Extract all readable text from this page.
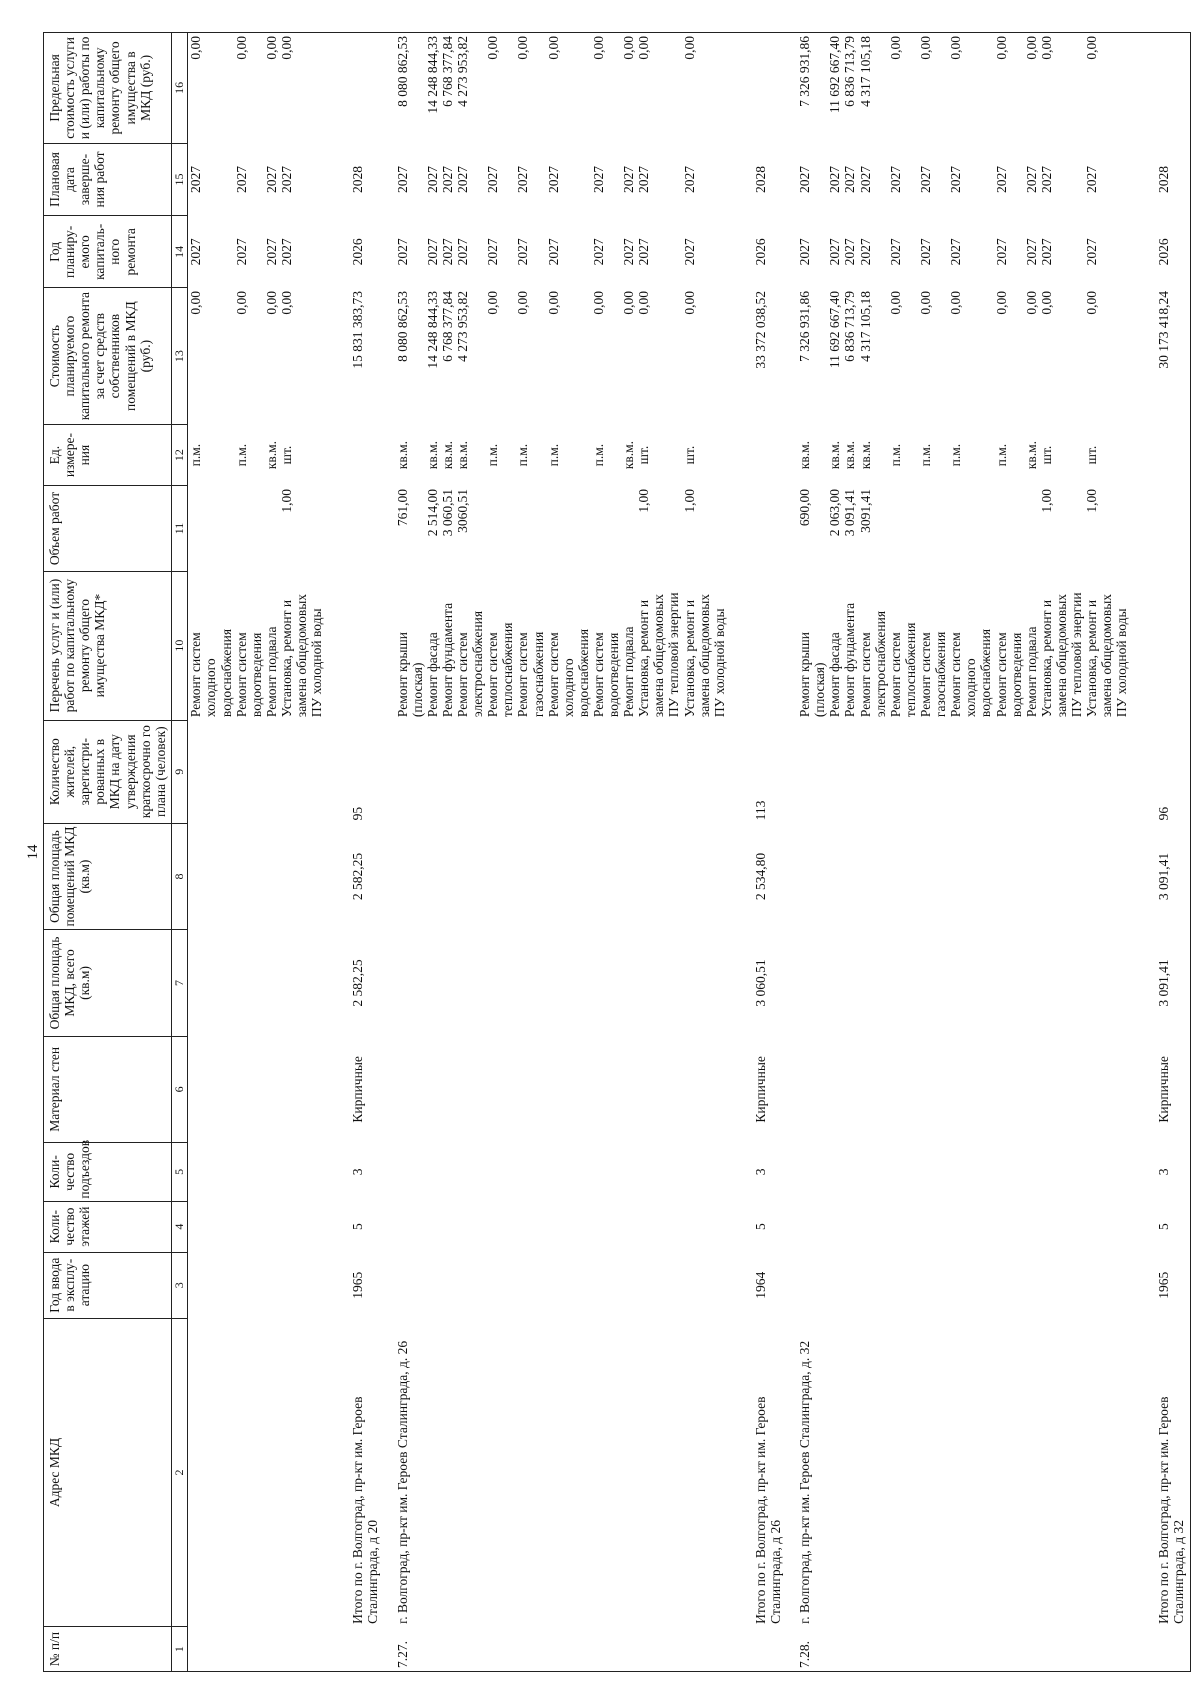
14
№ п/п	Адрес МКД	Год ввода в эксплу-атацию	Коли-чество этажей	Коли-чество подъездов	Материал стен	Общая площадь МКД, всего (кв.м)	Общая площадь помещений МКД (кв.м)	Количество жителей, зарегистри-рованных в МКД на дату утверждения краткосрочно го плана (человек)	Перечень услуг и (или) работ по капитальному ремонту общего имущества МКД*	Объем работ	Ед. измере-ния	Стоимость планируемого капитального ремонта за счет средств собственников помещений в МКД (руб.)	Год планиру-емого капиталь-ного ремонта	Плановая дата заверше-ния работ	Предельная стоимость услуги и (или) работы по капитальному ремонту общего имущества в МКД (руб.)
1	2	3	4	5	6	7	8	9	10	11	12	13	14	15	16
									Ремонт систем холодного водоснабжения		п.м.	0,00	2027	2027	0,00
									Ремонт систем водоотведения		п.м.	0,00	2027	2027	0,00
									Ремонт подвала		кв.м.	0,00	2027	2027	0,00
									Установка, ремонт и замена общедомовых ПУ холодной воды	1,00	шт.	0,00	2027	2027	0,00
	Итого по г. Волгоград, пр-кт им. Героев Сталинграда, д 20	1965	5	3	Кирпичные	2 582,25	2 582,25	95				15 831 383,73	2026	2028	
7.27.	г. Волгоград, пр-кт им. Героев Сталинграда, д. 26								Ремонт крыши (плоская)	761,00	кв.м.	8 080 862,53	2027	2027	8 080 862,53
									Ремонт фасада	2 514,00	кв.м.	14 248 844,33	2027	2027	14 248 844,33
									Ремонт фундамента	3 060,51	кв.м.	6 768 377,84	2027	2027	6 768 377,84
									Ремонт систем электроснабжения	3060,51	кв.м.	4 273 953,82	2027	2027	4 273 953,82
									Ремонт систем теплоснабжения		п.м.	0,00	2027	2027	0,00
									Ремонт систем газоснабжения		п.м.	0,00	2027	2027	0,00
									Ремонт систем холодного водоснабжения		п.м.	0,00	2027	2027	0,00
									Ремонт систем водоотведения		п.м.	0,00	2027	2027	0,00
									Ремонт подвала		кв.м.	0,00	2027	2027	0,00
									Установка, ремонт и замена общедомовых ПУ тепловой энергии	1,00	шт.	0,00	2027	2027	0,00
									Установка, ремонт и замена общедомовых ПУ холодной воды	1,00	шт.	0,00	2027	2027	0,00
	Итого по г. Волгоград, пр-кт им. Героев Сталинграда, д 26	1964	5	3	Кирпичные	3 060,51	2 534,80	113				33 372 038,52	2026	2028	
7.28.	г. Волгоград, пр-кт им. Героев Сталинграда, д. 32								Ремонт крыши (плоская)	690,00	кв.м.	7 326 931,86	2027	2027	7 326 931,86
									Ремонт фасада	2 063,00	кв.м.	11 692 667,40	2027	2027	11 692 667,40
									Ремонт фундамента	3 091,41	кв.м.	6 836 713,79	2027	2027	6 836 713,79
									Ремонт систем электроснабжения	3091,41	кв.м.	4 317 105,18	2027	2027	4 317 105,18
									Ремонт систем теплоснабжения		п.м.	0,00	2027	2027	0,00
									Ремонт систем газоснабжения		п.м.	0,00	2027	2027	0,00
									Ремонт систем холодного водоснабжения		п.м.	0,00	2027	2027	0,00
									Ремонт систем водоотведения		п.м.	0,00	2027	2027	0,00
									Ремонт подвала		кв.м.	0,00	2027	2027	0,00
									Установка, ремонт и замена общедомовых ПУ тепловой энергии	1,00	шт.	0,00	2027	2027	0,00
									Установка, ремонт и замена общедомовых ПУ холодной воды	1,00	шт.	0,00	2027	2027	0,00
	Итого по г. Волгоград, пр-кт им. Героев Сталинграда, д 32	1965	5	3	Кирпичные	3 091,41	3 091,41	96				30 173 418,24	2026	2028	
